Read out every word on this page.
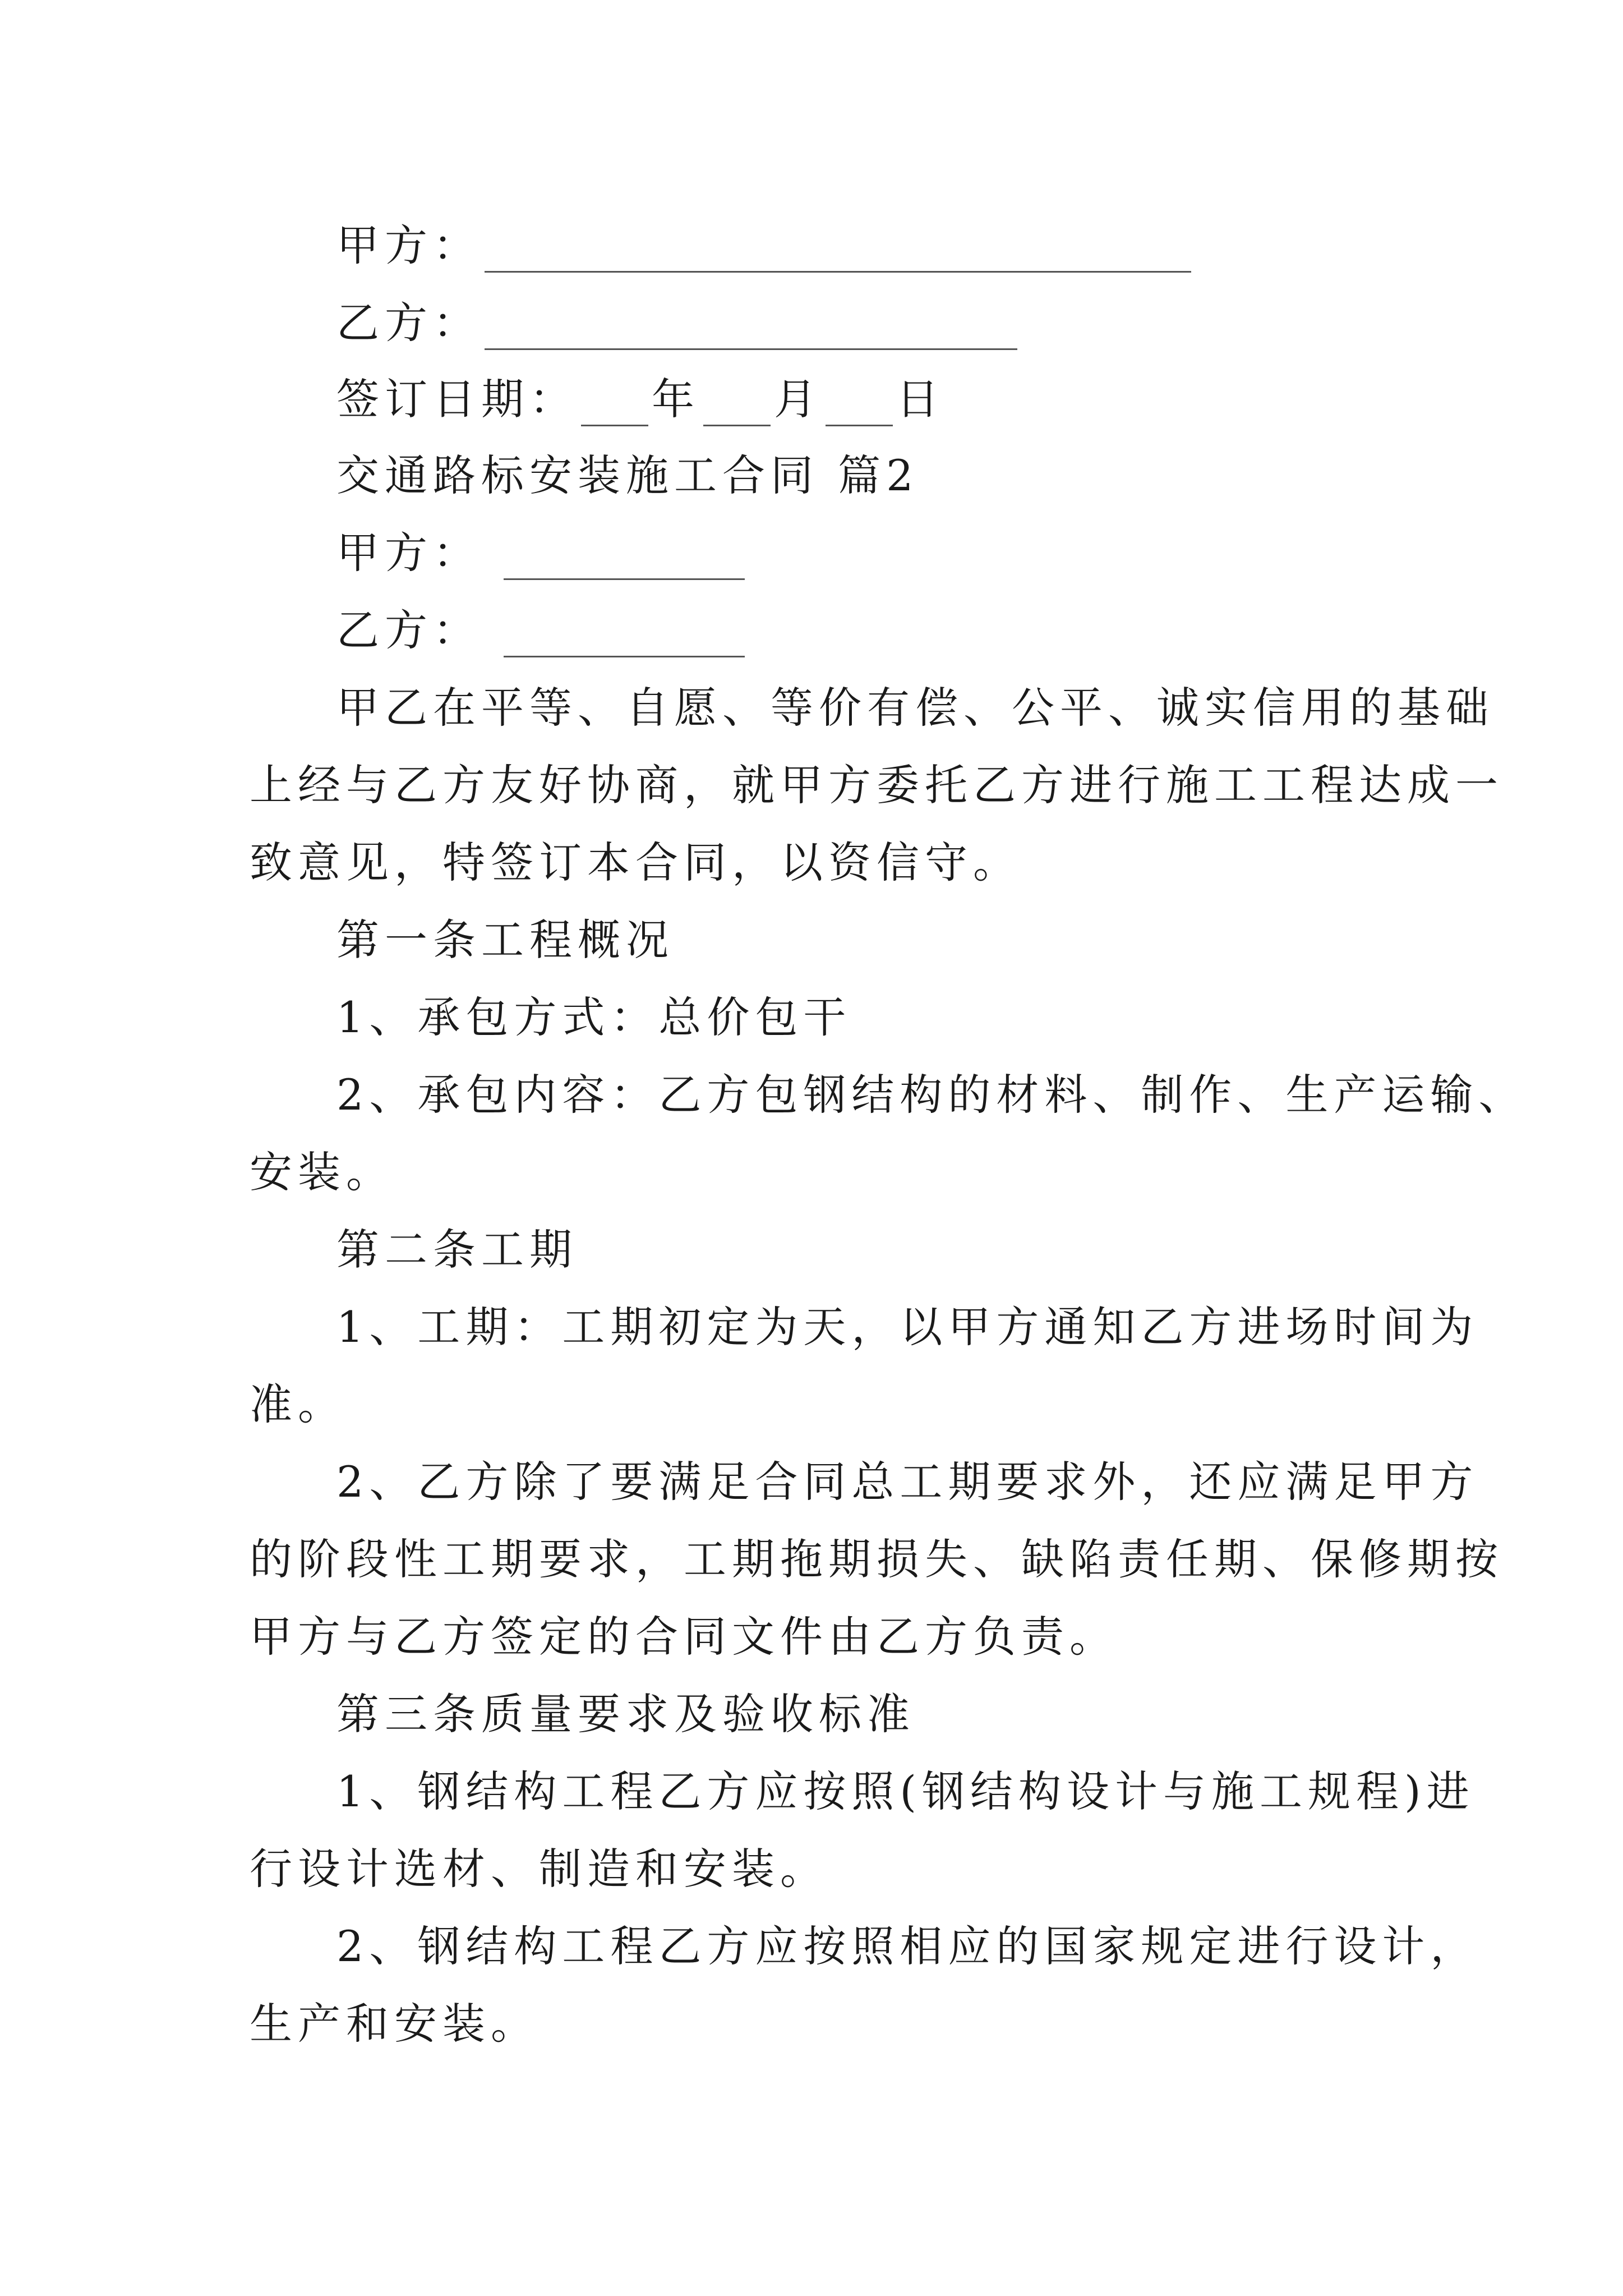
甲方：
乙方：
签订日期： 年 月 日
交通路标安装施工合同 篇2
甲方：
乙方：
甲乙在平等、自愿、等价有偿、公平、诚实信用的基础
上经与乙方友好协商，就甲方委托乙方进行施工工程达成一
致意见，特签订本合同，以资信守。
第一条工程概况
1、承包方式：总价包干
2、承包内容：乙方包钢结构的材料、制作、生产运输、
安装。
第二条工期
1、工期：工期初定为天，以甲方通知乙方进场时间为
准。
2、乙方除了要满足合同总工期要求外，还应满足甲方
的阶段性工期要求，工期拖期损失、缺陷责任期、保修期按
甲方与乙方签定的合同文件由乙方负责。
第三条质量要求及验收标准
1、钢结构工程乙方应按照(钢结构设计与施工规程)进
行设计选材、制造和安装。
2、钢结构工程乙方应按照相应的国家规定进行设计，
生产和安装。
